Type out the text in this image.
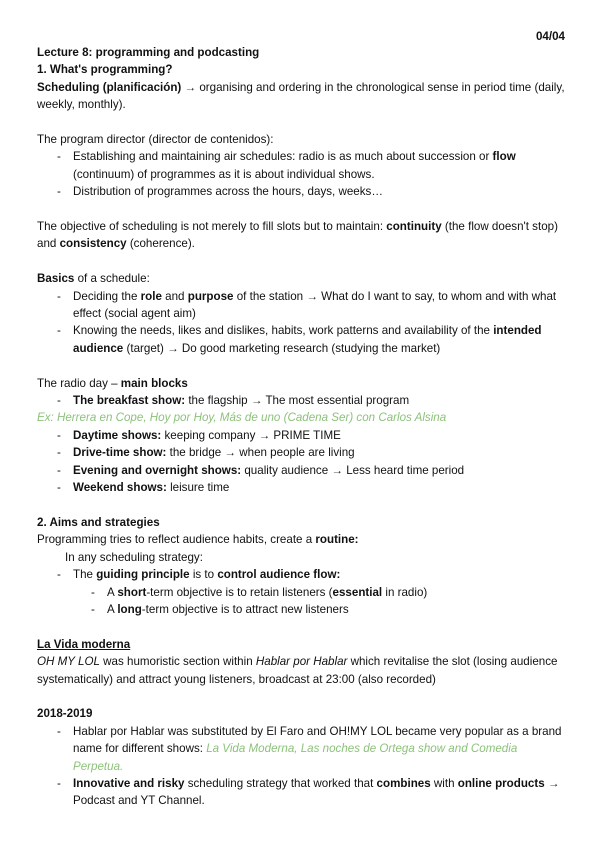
04/04

Lecture 8: programming and podcasting

1. What's programming?

Scheduling (planificación) → organising and ordering in the chronological sense in period time (daily, weekly, monthly).

The program director (director de contenidos):

- Establishing and maintaining air schedules: radio is as much about succession or flow (continuum) of programmes as it is about individual shows.
- Distribution of programmes across the hours, days, weeks…

The objective of scheduling is not merely to fill slots but to maintain: continuity (the flow doesn't stop) and consistency (coherence).

Basics of a schedule:

- Deciding the role and purpose of the station → What do I want to say, to whom and with what effect (social agent aim)
- Knowing the needs, likes and dislikes, habits, work patterns and availability of the intended audience (target) → Do good marketing research (studying the market)

The radio day – main blocks

- The breakfast show: the flagship → The most essential program

Ex: Herrera en Cope, Hoy por Hoy, Más de uno (Cadena Ser) con Carlos Alsina

- Daytime shows: keeping company → PRIME TIME
- Drive-time show: the bridge → when people are living
- Evening and overnight shows: quality audience → Less heard time period
- Weekend shows: leisure time

2. Aims and strategies

Programming tries to reflect audience habits, create a routine:

In any scheduling strategy:

- The guiding principle is to control audience flow:
- A short-term objective is to retain listeners (essential in radio)
- A long-term objective is to attract new listeners

La Vida moderna

OH MY LOL was humoristic section within Hablar por Hablar which revitalise the slot (losing audience systematically) and attract young listeners, broadcast at 23:00 (also recorded)

2018-2019

- Hablar por Hablar was substituted by El Faro and OH!MY LOL became very popular as a brand name for different shows: La Vida Moderna, Las noches de Ortega show and Comedia Perpetua.
- Innovative and risky scheduling strategy that worked that combines with online products → Podcast and YT Channel.
